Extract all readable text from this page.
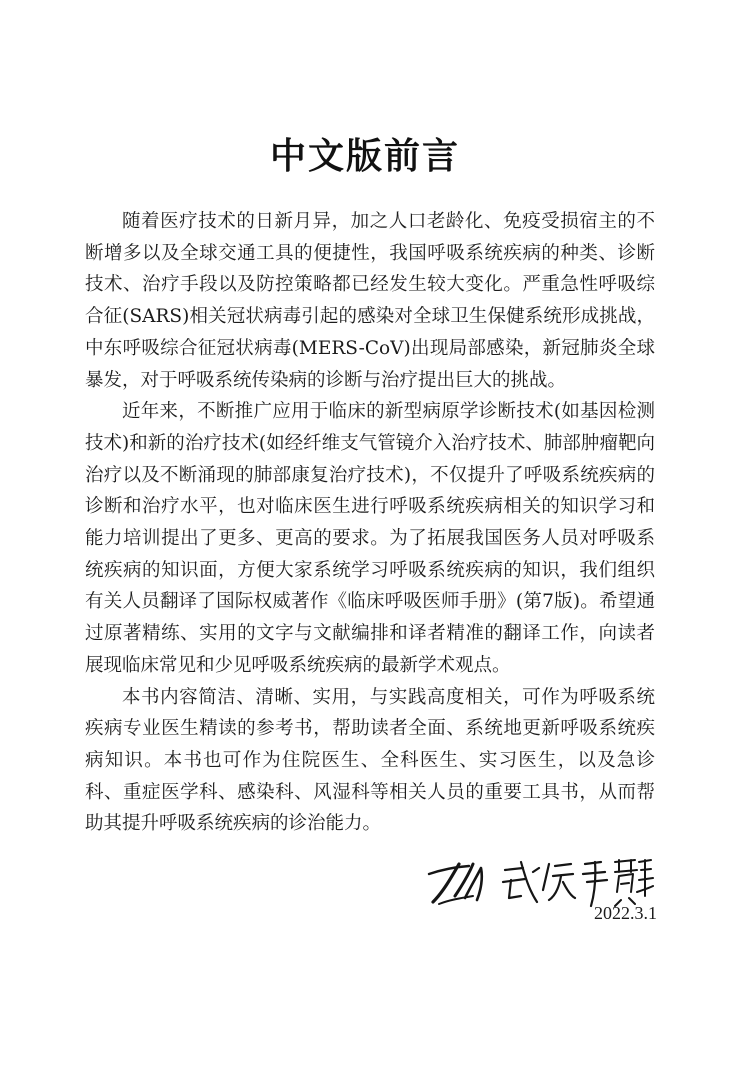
中文版前言

随着医疗技术的日新月异，加之人口老龄化、免疫受损宿主的不断增多以及全球交通工具的便捷性，我国呼吸系统疾病的种类、诊断技术、治疗手段以及防控策略都已经发生较大变化。严重急性呼吸综合征(SARS)相关冠状病毒引起的感染对全球卫生保健系统形成挑战，中东呼吸综合征冠状病毒(MERS-CoV)出现局部感染，新冠肺炎全球暴发，对于呼吸系统传染病的诊断与治疗提出巨大的挑战。

近年来，不断推广应用于临床的新型病原学诊断技术(如基因检测技术)和新的治疗技术(如经纤维支气管镜介入治疗技术、肺部肿瘤靶向治疗以及不断涌现的肺部康复治疗技术)，不仅提升了呼吸系统疾病的诊断和治疗水平，也对临床医生进行呼吸系统疾病相关的知识学习和能力培训提出了更多、更高的要求。为了拓展我国医务人员对呼吸系统疾病的知识面，方便大家系统学习呼吸系统疾病的知识，我们组织有关人员翻译了国际权威著作《临床呼吸医师手册》(第7版)。希望通过原著精练、实用的文字与文献编排和译者精准的翻译工作，向读者展现临床常见和少见呼吸系统疾病的最新学术观点。

本书内容简洁、清晰、实用，与实践高度相关，可作为呼吸系统疾病专业医生精读的参考书，帮助读者全面、系统地更新呼吸系统疾病知识。本书也可作为住院医生、全科医生、实习医生，以及急诊科、重症医学科、感染科、风湿科等相关人员的重要工具书，从而帮助其提升呼吸系统疾病的诊治能力。

2022.3.1
